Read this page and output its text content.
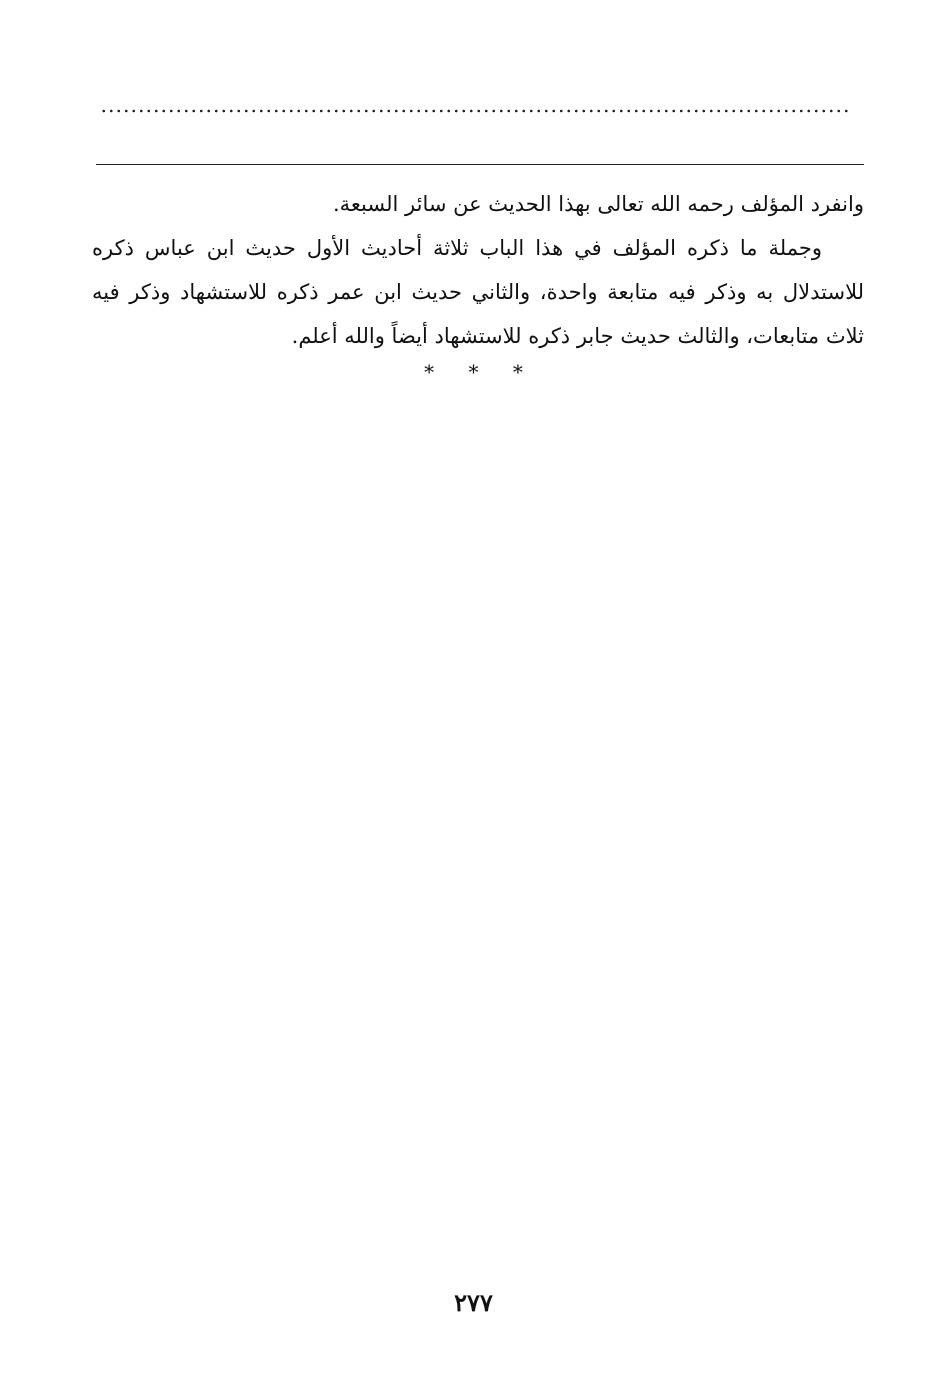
وانفرد المؤلف رحمه الله تعالى بهذا الحديث عن سائر السبعة.

وجملة ما ذكره المؤلف في هذا الباب ثلاثة أحاديث الأول حديث ابن عباس ذكره للاستدلال به وذكر فيه متابعة واحدة، والثاني حديث ابن عمر ذكره للاستشهاد وذكر فيه ثلاث متابعات، والثالث حديث جابر ذكره للاستشهاد أيضاً والله أعلم.

* * *
٢٧٧
